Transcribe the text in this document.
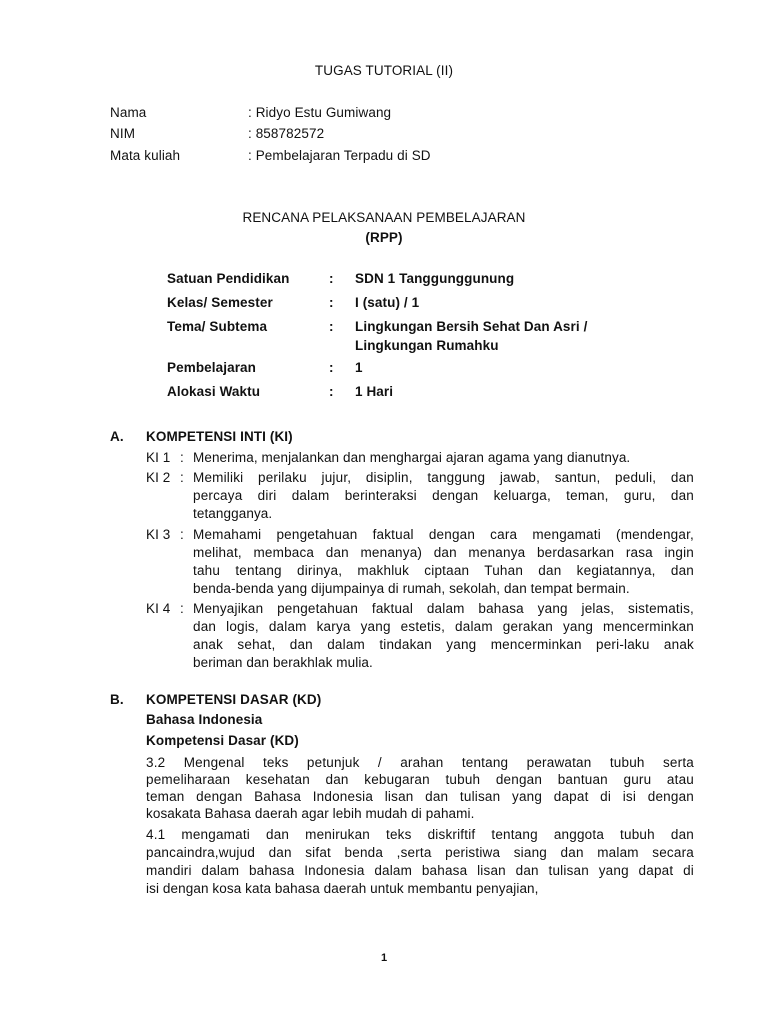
TUGAS TUTORIAL (II)
Nama	: Ridyo Estu Gumiwang
NIM	: 858782572
Mata kuliah	: Pembelajaran Terpadu di SD
RENCANA PELAKSANAAN PEMBELAJARAN
(RPP)
Satuan Pendidikan	: SDN 1 Tanggunggunung
Kelas/ Semester	: I (satu) / 1
Tema/ Subtema	: Lingkungan Bersih Sehat Dan Asri /
Lingkungan Rumahku
Pembelajaran	: 1
Alokasi Waktu	: 1 Hari
A. KOMPETENSI INTI (KI)
KI 1 : Menerima, menjalankan dan menghargai ajaran agama yang dianutnya.
KI 2 : Memiliki perilaku jujur, disiplin, tanggung jawab, santun, peduli, dan
percaya diri dalam berinteraksi dengan keluarga, teman, guru, dan
tetangganya.
KI 3 : Memahami pengetahuan faktual dengan cara mengamati (mendengar,
melihat, membaca dan menanya) dan menanya berdasarkan rasa ingin
tahu tentang dirinya, makhluk ciptaan Tuhan dan kegiatannya, dan
benda-benda yang dijumpainya di rumah, sekolah, dan tempat bermain.
KI 4 : Menyajikan pengetahuan faktual dalam bahasa yang jelas, sistematis,
dan logis, dalam karya yang estetis, dalam gerakan yang mencerminkan
anak sehat, dan dalam tindakan yang mencerminkan peri-laku anak
beriman dan berakhlak mulia.
B. KOMPETENSI DASAR (KD)
Bahasa Indonesia
Kompetensi Dasar (KD)
3.2 Mengenal teks petunjuk / arahan tentang perawatan tubuh serta
pemeliharaan kesehatan dan kebugaran tubuh dengan bantuan guru atau
teman dengan Bahasa Indonesia lisan dan tulisan yang dapat di isi dengan
kosakata Bahasa daerah agar lebih mudah di pahami.
4.1 mengamati dan menirukan teks diskriftif tentang anggota tubuh dan
pancaindra,wujud dan sifat benda ,serta peristiwa siang dan malam secara
mandiri dalam bahasa Indonesia dalam bahasa lisan dan tulisan yang dapat di
isi dengan kosa kata bahasa daerah untuk membantu penyajian,
1
